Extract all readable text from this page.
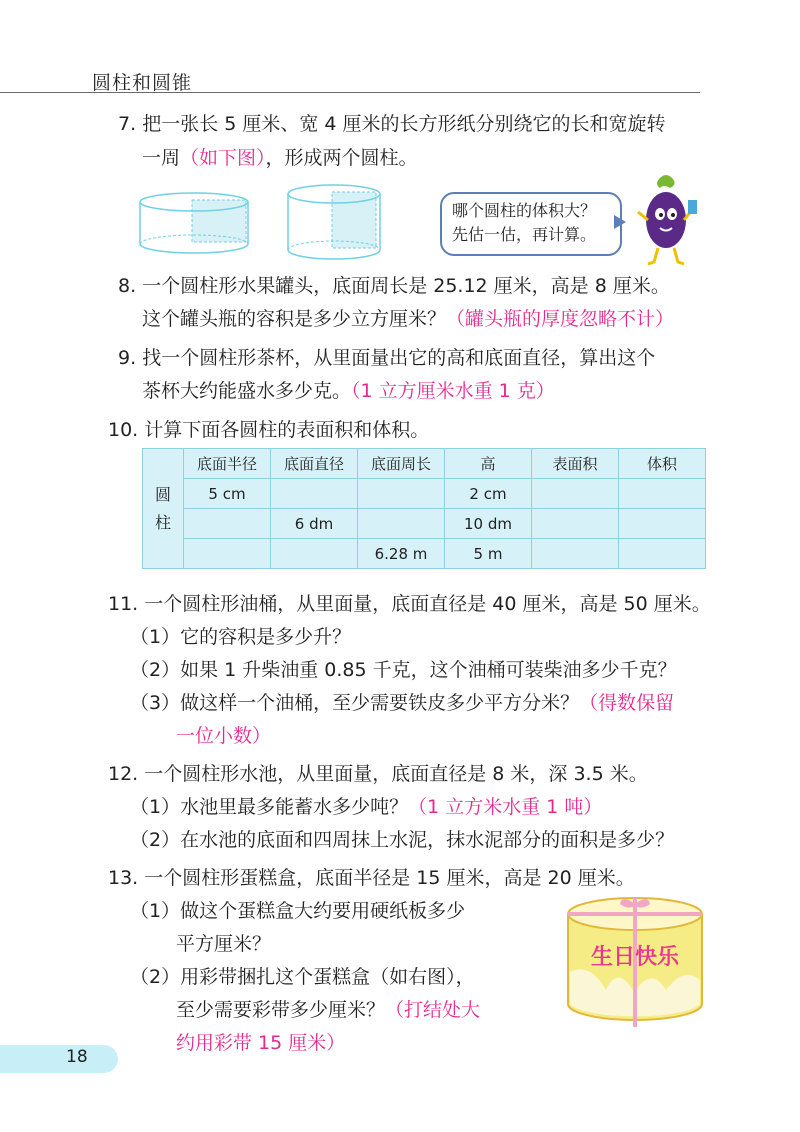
圆柱和圆锥
7. 把一张长 5 厘米、宽 4 厘米的长方形纸分别绕它的长和宽旋转
一周（如下图），形成两个圆柱。
哪个圆柱的体积大？
先估一估，再计算。
8. 一个圆柱形水果罐头，底面周长是 25.12 厘米，高是 8 厘米。
这个罐头瓶的容积是多少立方厘米？（罐头瓶的厚度忽略不计）
9. 找一个圆柱形茶杯，从里面量出它的高和底面直径，算出这个
茶杯大约能盛水多少克。（1 立方厘米水重 1 克）
10. 计算下面各圆柱的表面积和体积。
圆柱	底面半径	底面直径	底面周长	高	表面积	体积
	5 cm			2 cm		
		6 dm		10 dm		
			6.28 m	5 m		
11. 一个圆柱形油桶，从里面量，底面直径是 40 厘米，高是 50 厘米。
（1）它的容积是多少升？
（2）如果 1 升柴油重 0.85 千克，这个油桶可装柴油多少千克？
（3）做这样一个油桶，至少需要铁皮多少平方分米？（得数保留
一位小数）
12. 一个圆柱形水池，从里面量，底面直径是 8 米，深 3.5 米。
（1）水池里最多能蓄水多少吨？（1 立方米水重 1 吨）
（2）在水池的底面和四周抹上水泥，抹水泥部分的面积是多少？
13. 一个圆柱形蛋糕盒，底面半径是 15 厘米，高是 20 厘米。
（1）做这个蛋糕盒大约要用硬纸板多少
平方厘米？
（2）用彩带捆扎这个蛋糕盒（如右图），
至少需要彩带多少厘米？（打结处大
约用彩带 15 厘米）
生日快乐
18
